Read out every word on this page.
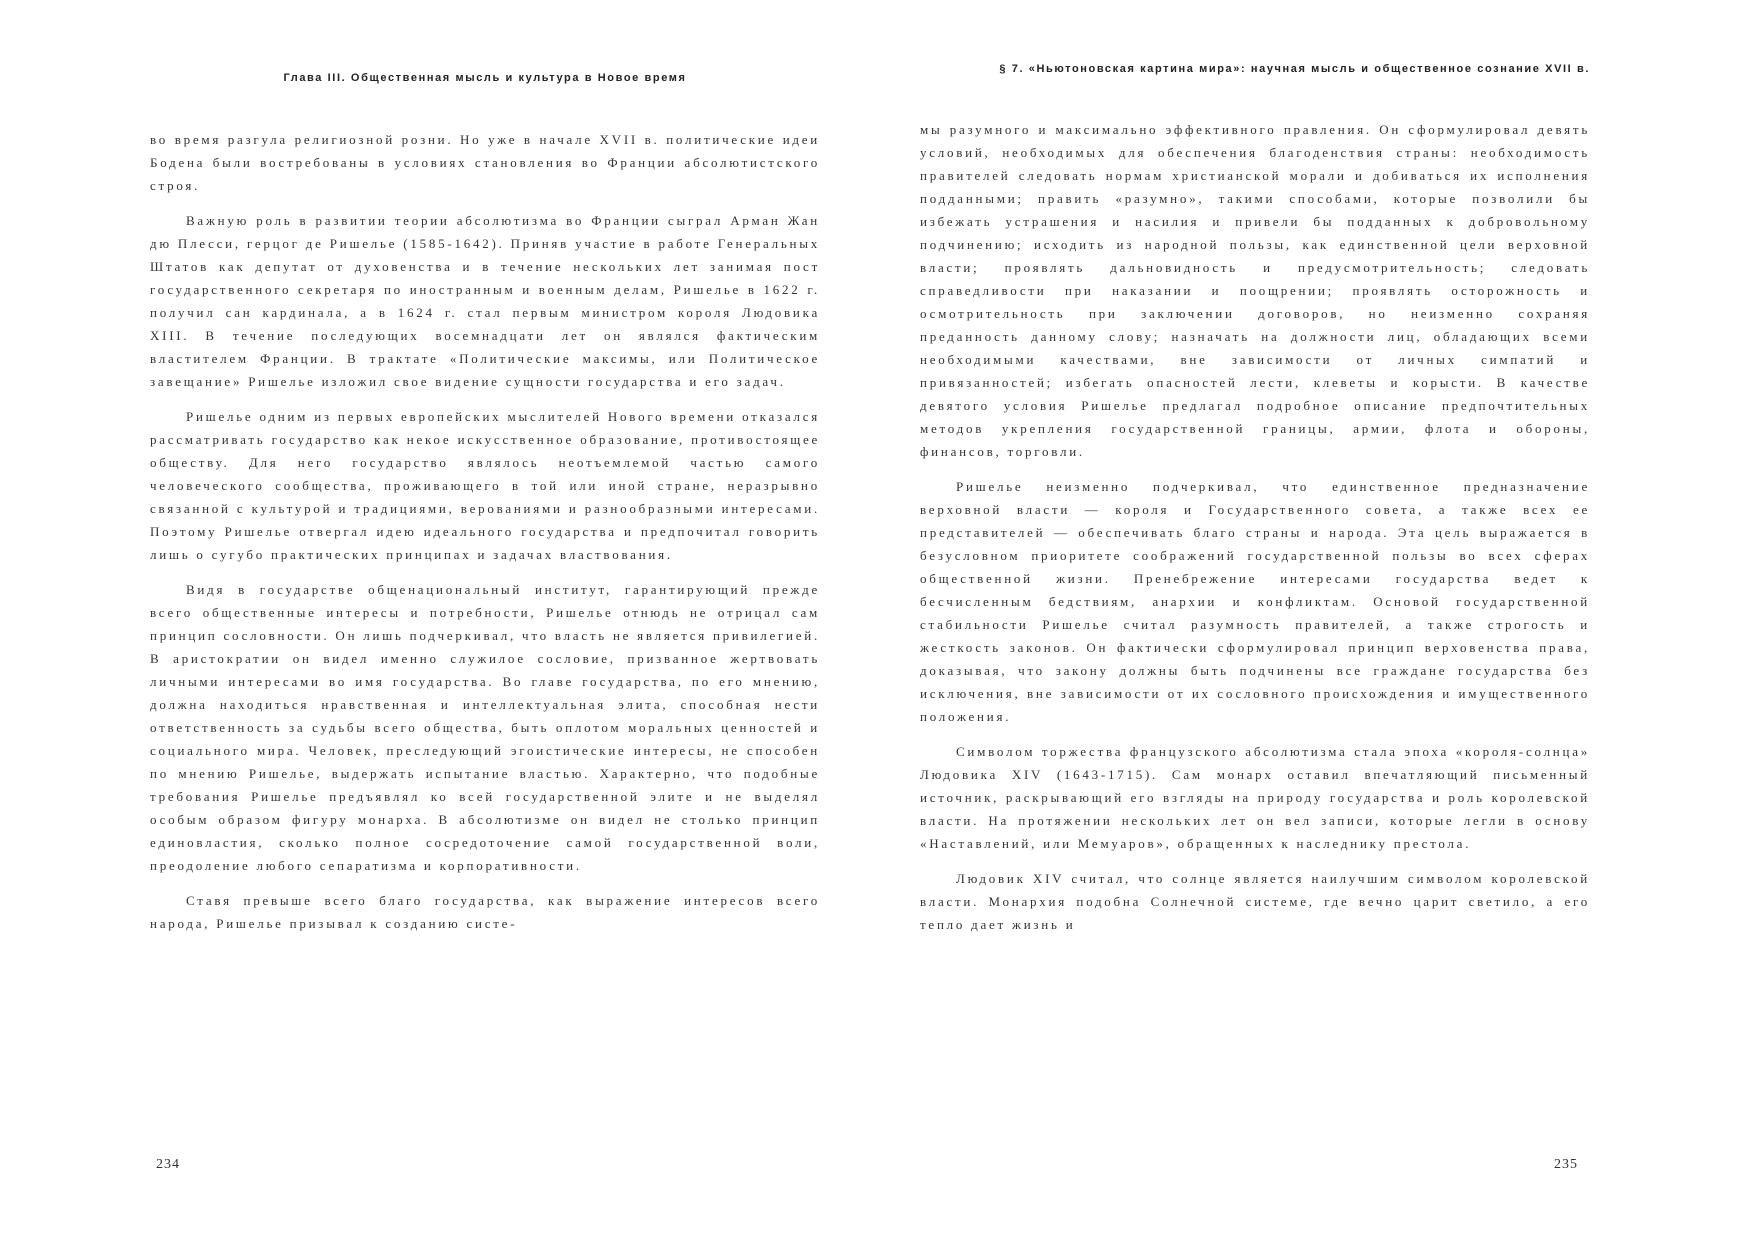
Глава III. Общественная мысль и культура в Новое время

во время разгула религиозной розни. Но уже в начале XVII в. политические идеи Бодена были востребованы в условиях становления во Франции абсолютистского строя.

Важную роль в развитии теории абсолютизма во Франции сыграл Арман Жан дю Плесси, герцог де Ришелье (1585-1642). Приняв участие в работе Генеральных Штатов как депутат от духовенства и в течение нескольких лет занимая пост государственного секретаря по иностранным и военным делам, Ришелье в 1622 г. получил сан кардинала, а в 1624 г. стал первым министром короля Людовика XIII. В течение последующих восемнадцати лет он являлся фактическим властителем Франции. В трактате «Политические максимы, или Политическое завещание» Ришелье изложил свое видение сущности государства и его задач.

Ришелье одним из первых европейских мыслителей Нового времени отказался рассматривать государство как некое искусственное образование, противостоящее обществу. Для него государство являлось неотъемлемой частью самого человеческого сообщества, проживающего в той или иной стране, неразрывно связанной с культурой и традициями, верованиями и разнообразными интересами. Поэтому Ришелье отвергал идею идеального государства и предпочитал говорить лишь о сугубо практических принципах и задачах властвования.

Видя в государстве общенациональный институт, гарантирующий прежде всего общественные интересы и потребности, Ришелье отнюдь не отрицал сам принцип сословности. Он лишь подчеркивал, что власть не является привилегией. В аристократии он видел именно служилое сословие, призванное жертвовать личными интересами во имя государства. Во главе государства, по его мнению, должна находиться нравственная и интеллектуальная элита, способная нести ответственность за судьбы всего общества, быть оплотом моральных ценностей и социального мира. Человек, преследующий эгоистические интересы, не способен по мнению Ришелье, выдержать испытание властью. Характерно, что подобные требования Ришелье предъявлял ко всей государственной элите и не выделял особым образом фигуру монарха. В абсолютизме он видел не столько принцип единовластия, сколько полное сосредоточение самой государственной воли, преодоление любого сепаратизма и корпоративности.

Ставя превыше всего благо государства, как выражение интересов всего народа, Ришелье призывал к созданию систе-

234
§ 7. «Ньютоновская картина мира»: научная мысль и общественное сознание XVII в.

мы разумного и максимально эффективного правления. Он сформулировал девять условий, необходимых для обеспечения благоденствия страны: необходимость правителей следовать нормам христианской морали и добиваться их исполнения подданными; править «разумно», такими способами, которые позволили бы избежать устрашения и насилия и привели бы подданных к добровольному подчинению; исходить из народной пользы, как единственной цели верховной власти; проявлять дальновидность и предусмотрительность; следовать справедливости при наказании и поощрении; проявлять осторожность и осмотрительность при заключении договоров, но неизменно сохраняя преданность данному слову; назначать на должности лиц, обладающих всеми необходимыми качествами, вне зависимости от личных симпатий и привязанностей; избегать опасностей лести, клеветы и корысти. В качестве девятого условия Ришелье предлагал подробное описание предпочтительных методов укрепления государственной границы, армии, флота и обороны, финансов, торговли.

Ришелье неизменно подчеркивал, что единственное предназначение верховной власти — короля и Государственного совета, а также всех ее представителей — обеспечивать благо страны и народа. Эта цель выражается в безусловном приоритете соображений государственной пользы во всех сферах общественной жизни. Пренебрежение интересами государства ведет к бесчисленным бедствиям, анархии и конфликтам. Основой государственной стабильности Ришелье считал разумность правителей, а также строгость и жесткость законов. Он фактически сформулировал принцип верховенства права, доказывая, что закону должны быть подчинены все граждане государства без исключения, вне зависимости от их сословного происхождения и имущественного положения.

Символом торжества французского абсолютизма стала эпоха «короля-солнца» Людовика XIV (1643-1715). Сам монарх оставил впечатляющий письменный источник, раскрывающий его взгляды на природу государства и роль королевской власти. На протяжении нескольких лет он вел записи, которые легли в основу «Наставлений, или Мемуаров», обращенных к наследнику престола.

Людовик XIV считал, что солнце является наилучшим символом королевской власти. Монархия подобна Солнечной системе, где вечно царит светило, а его тепло дает жизнь и

235
